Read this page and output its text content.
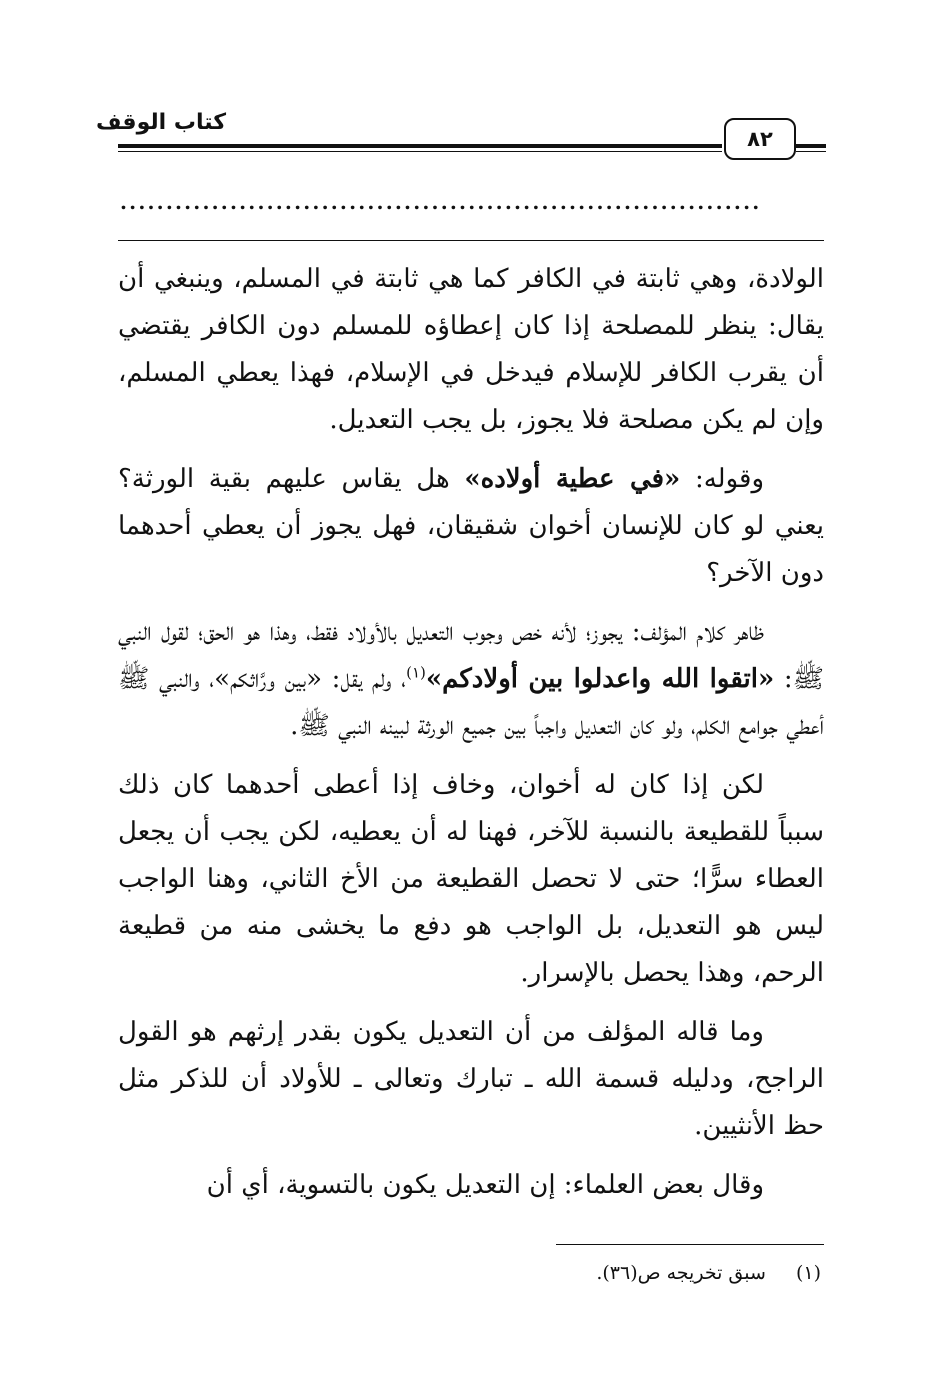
كتاب الوقف
٨٢
......................................................................

الولادة، وهي ثابتة في الكافر كما هي ثابتة في المسلم، وينبغي أن يقال: ينظر للمصلحة إذا كان إعطاؤه للمسلم دون الكافر يقتضي أن يقرب الكافر للإسلام فيدخل في الإسلام، فهذا يعطي المسلم، وإن لم يكن مصلحة فلا يجوز، بل يجب التعديل.

وقوله: «في عطية أولاده» هل يقاس عليهم بقية الورثة؟ يعني لو كان للإنسان أخوان شقيقان، فهل يجوز أن يعطي أحدهما دون الآخر؟

ظاهر كلام المؤلف: يجوز؛ لأنه خص وجوب التعديل بالأولاد فقط، وهذا هو الحق؛ لقول النبي ﷺ: «اتقوا الله واعدلوا بين أولادكم»$^{(١)}$، ولم يقل: «بين ورَّاثكم»، والنبي ﷺ أعطي جوامع الكلم، ولو كان التعديل واجباً بين جميع الورثة لبينه النبي ﷺ.

لكن إذا كان له أخوان، وخاف إذا أعطى أحدهما كان ذلك سبباً للقطيعة بالنسبة للآخر، فهنا له أن يعطيه، لكن يجب أن يجعل العطاء سرًّا؛ حتى لا تحصل القطيعة من الأخ الثاني، وهنا الواجب ليس هو التعديل، بل الواجب هو دفع ما يخشى منه من قطيعة الرحم، وهذا يحصل بالإسرار.

وما قاله المؤلف من أن التعديل يكون بقدر إرثهم هو القول الراجح، ودليله قسمة الله ـ تبارك وتعالى ـ للأولاد أن للذكر مثل حظ الأنثيين.

وقال بعض العلماء: إن التعديل يكون بالتسوية، أي أن

(١)سبق تخريجه ص(٣٦).
